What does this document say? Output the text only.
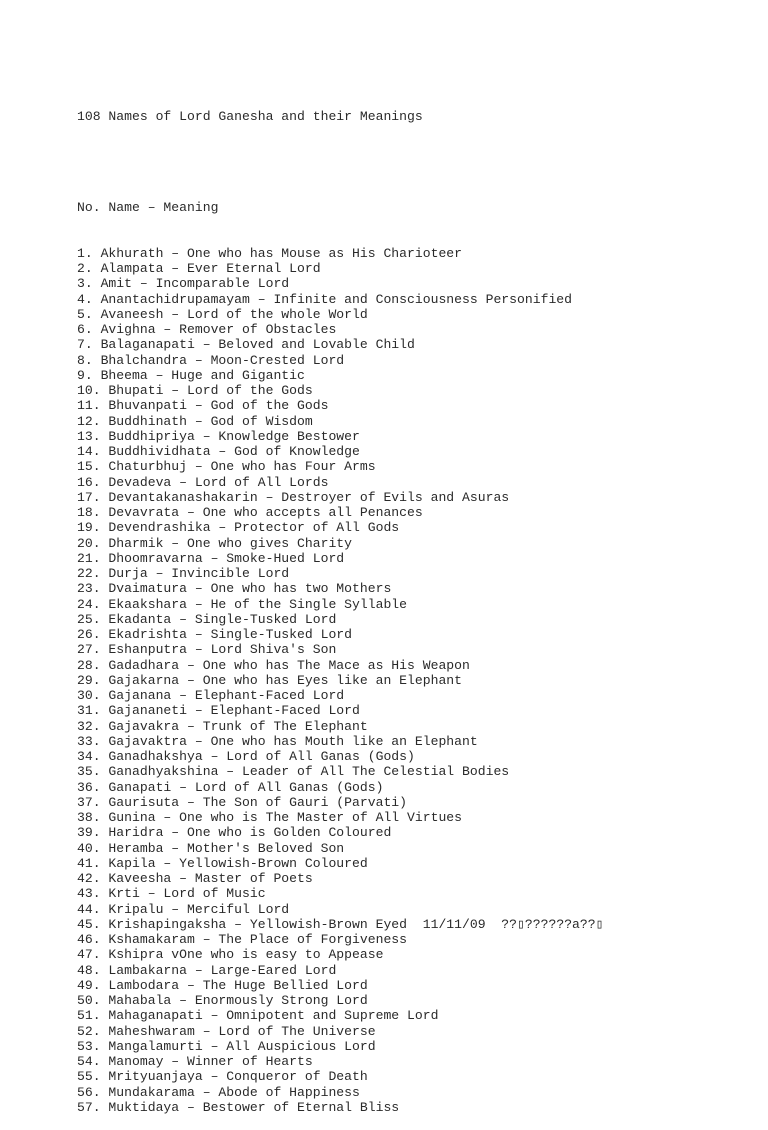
108 Names of Lord Ganesha and their Meanings

No. Name – Meaning

1. Akhurath – One who has Mouse as His Charioteer
2. Alampata – Ever Eternal Lord
3. Amit – Incomparable Lord
4. Anantachidrupamayam – Infinite and Consciousness Personified
5. Avaneesh – Lord of the whole World
6. Avighna – Remover of Obstacles
7. Balaganapati – Beloved and Lovable Child
8. Bhalchandra – Moon-Crested Lord
9. Bheema – Huge and Gigantic
10. Bhupati – Lord of the Gods
11. Bhuvanpati – God of the Gods
12. Buddhinath – God of Wisdom
13. Buddhipriya – Knowledge Bestower
14. Buddhividhata – God of Knowledge
15. Chaturbhuj – One who has Four Arms
16. Devadeva – Lord of All Lords
17. Devantakanashakarin – Destroyer of Evils and Asuras
18. Devavrata – One who accepts all Penances
19. Devendrashika – Protector of All Gods
20. Dharmik – One who gives Charity
21. Dhoomravarna – Smoke-Hued Lord
22. Durja – Invincible Lord
23. Dvaimatura – One who has two Mothers
24. Ekaakshara – He of the Single Syllable
25. Ekadanta – Single-Tusked Lord
26. Ekadrishta – Single-Tusked Lord
27. Eshanputra – Lord Shiva's Son
28. Gadadhara – One who has The Mace as His Weapon
29. Gajakarna – One who has Eyes like an Elephant
30. Gajanana – Elephant-Faced Lord
31. Gajananeti – Elephant-Faced Lord
32. Gajavakra – Trunk of The Elephant
33. Gajavaktra – One who has Mouth like an Elephant
34. Ganadhakshya – Lord of All Ganas (Gods)
35. Ganadhyakshina – Leader of All The Celestial Bodies
36. Ganapati – Lord of All Ganas (Gods)
37. Gaurisuta – The Son of Gauri (Parvati)
38. Gunina – One who is The Master of All Virtues
39. Haridra – One who is Golden Coloured
40. Heramba – Mother's Beloved Son
41. Kapila – Yellowish-Brown Coloured
42. Kaveesha – Master of Poets
43. Krti – Lord of Music
44. Kripalu – Merciful Lord
45. Krishapingaksha – Yellowish-Brown Eyed  11/11/09  ??▯??????a??▯
46. Kshamakaram – The Place of Forgiveness
47. Kshipra vOne who is easy to Appease
48. Lambakarna – Large-Eared Lord
49. Lambodara – The Huge Bellied Lord
50. Mahabala – Enormously Strong Lord
51. Mahaganapati – Omnipotent and Supreme Lord
52. Maheshwaram – Lord of The Universe
53. Mangalamurti – All Auspicious Lord
54. Manomay – Winner of Hearts
55. Mrityuanjaya – Conqueror of Death
56. Mundakarama – Abode of Happiness
57. Muktidaya – Bestower of Eternal Bliss
